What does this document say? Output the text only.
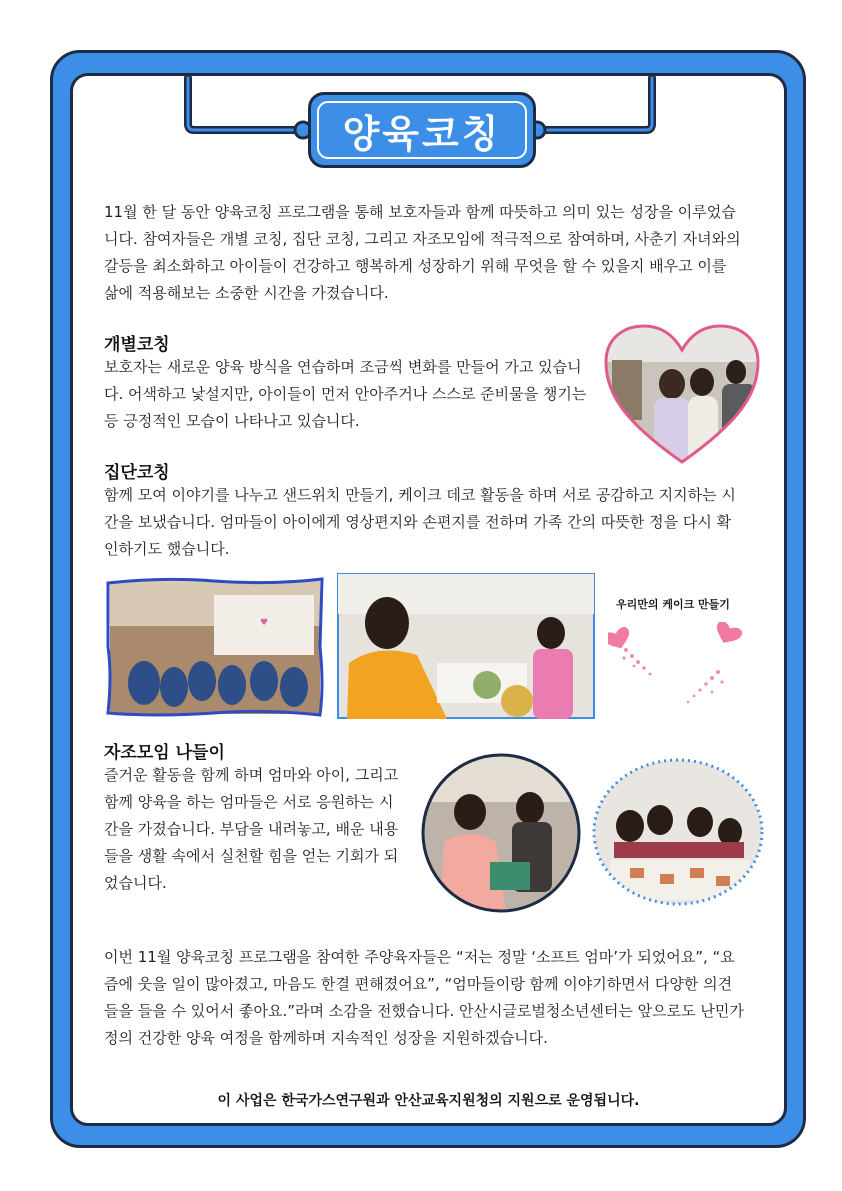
양육코칭

11월 한 달 동안 양육코칭 프로그램을 통해 보호자들과 함께 따뜻하고 의미 있는 성장을 이루었습니다. 참여자들은 개별 코칭, 집단 코칭, 그리고 자조모임에 적극적으로 참여하며, 사춘기 자녀와의 갈등을 최소화하고 아이들이 건강하고 행복하게 성장하기 위해 무엇을 할 수 있을지 배우고 이를 삶에 적용해보는 소중한 시간을 가졌습니다.

개별코칭

보호자는 새로운 양육 방식을 연습하며 조금씩 변화를 만들어 가고 있습니다. 어색하고 낯설지만, 아이들이 먼저 안아주거나 스스로 준비물을 챙기는 등 긍정적인 모습이 나타나고 있습니다.

집단코칭

함께 모여 이야기를 나누고 샌드위치 만들기, 케이크 데코 활동을 하며 서로 공감하고 지지하는 시간을 보냈습니다. 엄마들이 아이에게 영상편지와 손편지를 전하며 가족 간의 따뜻한 정을 다시 확인하기도 했습니다.

♥
우리만의 케이크 만들기

자조모임 나들이

즐거운 활동을 함께 하며 엄마와 아이, 그리고 함께 양육을 하는 엄마들은 서로 응원하는 시간을 가졌습니다. 부담을 내려놓고, 배운 내용들을 생활 속에서 실천할 힘을 얻는 기회가 되었습니다.

이번 11월 양육코칭 프로그램을 참여한 주양육자들은 “저는 정말 ‘소프트 엄마’가 되었어요”, “요즘에 웃을 일이 많아졌고, 마음도 한결 편해졌어요”, “엄마들이랑 함께 이야기하면서 다양한 의견들을 들을 수 있어서 좋아요.”라며 소감을 전했습니다. 안산시글로벌청소년센터는 앞으로도 난민가정의 건강한 양육 여정을 함께하며 지속적인 성장을 지원하겠습니다.

이 사업은 한국가스연구원과 안산교육지원청의 지원으로 운영됩니다.
